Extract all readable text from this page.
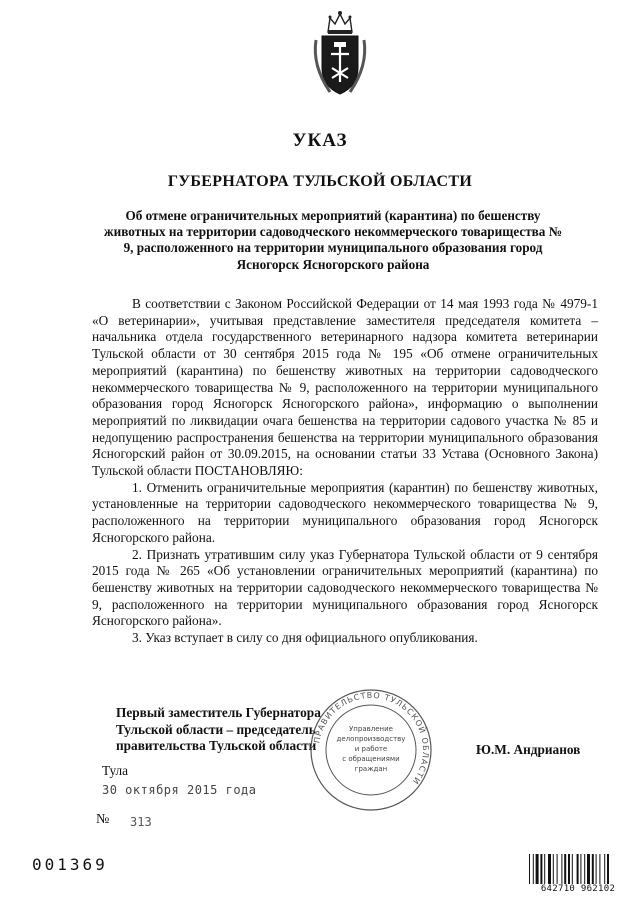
УКАЗ
ГУБЕРНАТОРА ТУЛЬСКОЙ ОБЛАСТИ
Об отмене ограничительных мероприятий (карантина) по бешенству животных на территории садоводческого некоммерческого товарищества № 9, расположенного на территории муниципального образования город Ясногорск Ясногорского района

В соответствии с Законом Российской Федерации от 14 мая 1993 года № 4979-1 «О ветеринарии», учитывая представление заместителя председателя комитета – начальника отдела государственного ветеринарного надзора комитета ветеринарии Тульской области от 30 сентября 2015 года № 195 «Об отмене ограничительных мероприятий (карантина) по бешенству животных на территории садоводческого некоммерческого товарищества № 9, расположенного на территории муниципального образования город Ясногорск Ясногорского района», информацию о выполнении мероприятий по ликвидации очага бешенства на территории садового участка № 85 и недопущению распространения бешенства на территории муниципального образования Ясногорский район от 30.09.2015, на основании статьи 33 Устава (Основного Закона) Тульской области ПОСТАНОВЛЯЮ:

1. Отменить ограничительные мероприятия (карантин) по бешенству животных, установленные на территории садоводческого некоммерческого товарищества № 9, расположенного на территории муниципального образования город Ясногорск Ясногорского района.

2. Признать утратившим силу указ Губернатора Тульской области от 9 сентября 2015 года № 265 «Об установлении ограничительных мероприятий (карантина) по бешенству животных на территории садоводческого некоммерческого товарищества № 9, расположенного на территории муниципального образования город Ясногорск Ясногорского района».

3. Указ вступает в силу со дня официального опубликования.

Первый заместитель Губернатора
Тульской области – председатель
правительства Тульской области
ПРАВИТЕЛЬСТВО ТУЛЬСКОЙ ОБЛАСТИ
Управление
делопроизводству
и работе
с обращениями
граждан
Ю.М. Андрианов
Тула
30 октября 2015 года
№ 313
001369
642710 962102
